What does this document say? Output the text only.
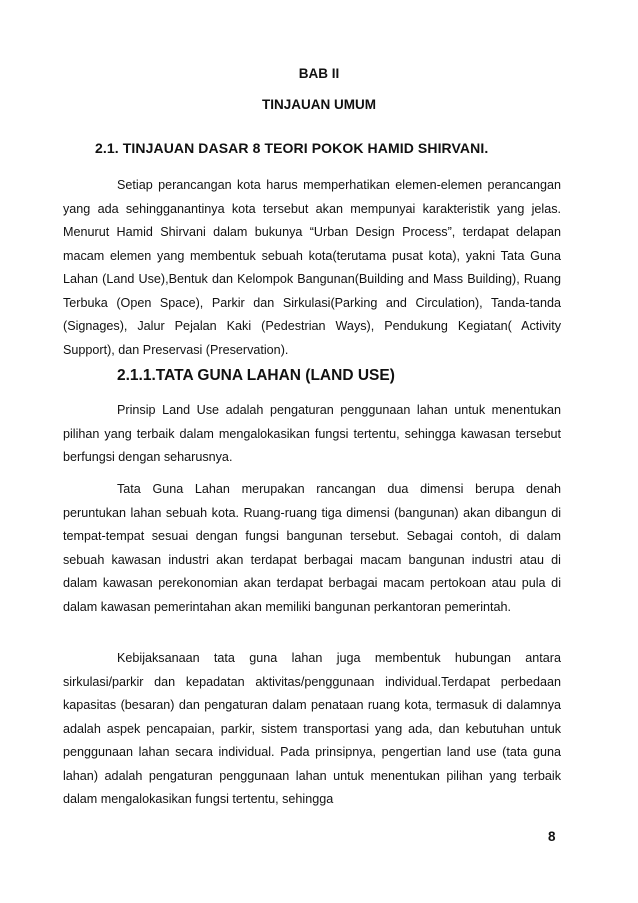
BAB II
TINJAUAN UMUM
2.1. TINJAUAN DASAR 8 TEORI POKOK HAMID SHIRVANI.

Setiap perancangan kota harus memperhatikan elemen-elemen perancangan yang ada sehingganantinya kota tersebut akan mempunyai karakteristik yang jelas. Menurut Hamid Shirvani dalam bukunya “Urban Design Process”, terdapat delapan macam elemen yang membentuk sebuah kota(terutama pusat kota), yakni Tata Guna Lahan (Land Use),Bentuk dan Kelompok Bangunan(Building and Mass Building), Ruang Terbuka (Open Space), Parkir dan Sirkulasi(Parking and Circulation), Tanda-tanda (Signages), Jalur Pejalan Kaki (Pedestrian Ways), Pendukung Kegiatan( Activity Support), dan Preservasi (Preservation).

2.1.1.TATA GUNA LAHAN (LAND USE)

Prinsip Land Use adalah pengaturan penggunaan lahan untuk menentukan pilihan yang terbaik dalam mengalokasikan fungsi tertentu, sehingga kawasan tersebut berfungsi dengan seharusnya.

Tata Guna Lahan merupakan rancangan dua dimensi berupa denah peruntukan lahan sebuah kota. Ruang-ruang tiga dimensi (bangunan) akan dibangun di tempat-tempat sesuai dengan fungsi bangunan tersebut. Sebagai contoh, di dalam sebuah kawasan industri akan terdapat berbagai macam bangunan industri atau di dalam kawasan perekonomian akan terdapat berbagai macam pertokoan atau pula di dalam kawasan pemerintahan akan memiliki bangunan perkantoran pemerintah.

Kebijaksanaan tata guna lahan juga membentuk hubungan antara sirkulasi/parkir dan kepadatan aktivitas/penggunaan individual.Terdapat perbedaan kapasitas (besaran) dan pengaturan dalam penataan ruang kota, termasuk di dalamnya adalah aspek pencapaian, parkir, sistem transportasi yang ada, dan kebutuhan untuk penggunaan lahan secara individual. Pada prinsipnya, pengertian land use (tata guna lahan) adalah pengaturan penggunaan lahan untuk menentukan pilihan yang terbaik dalam mengalokasikan fungsi tertentu, sehingga

8
